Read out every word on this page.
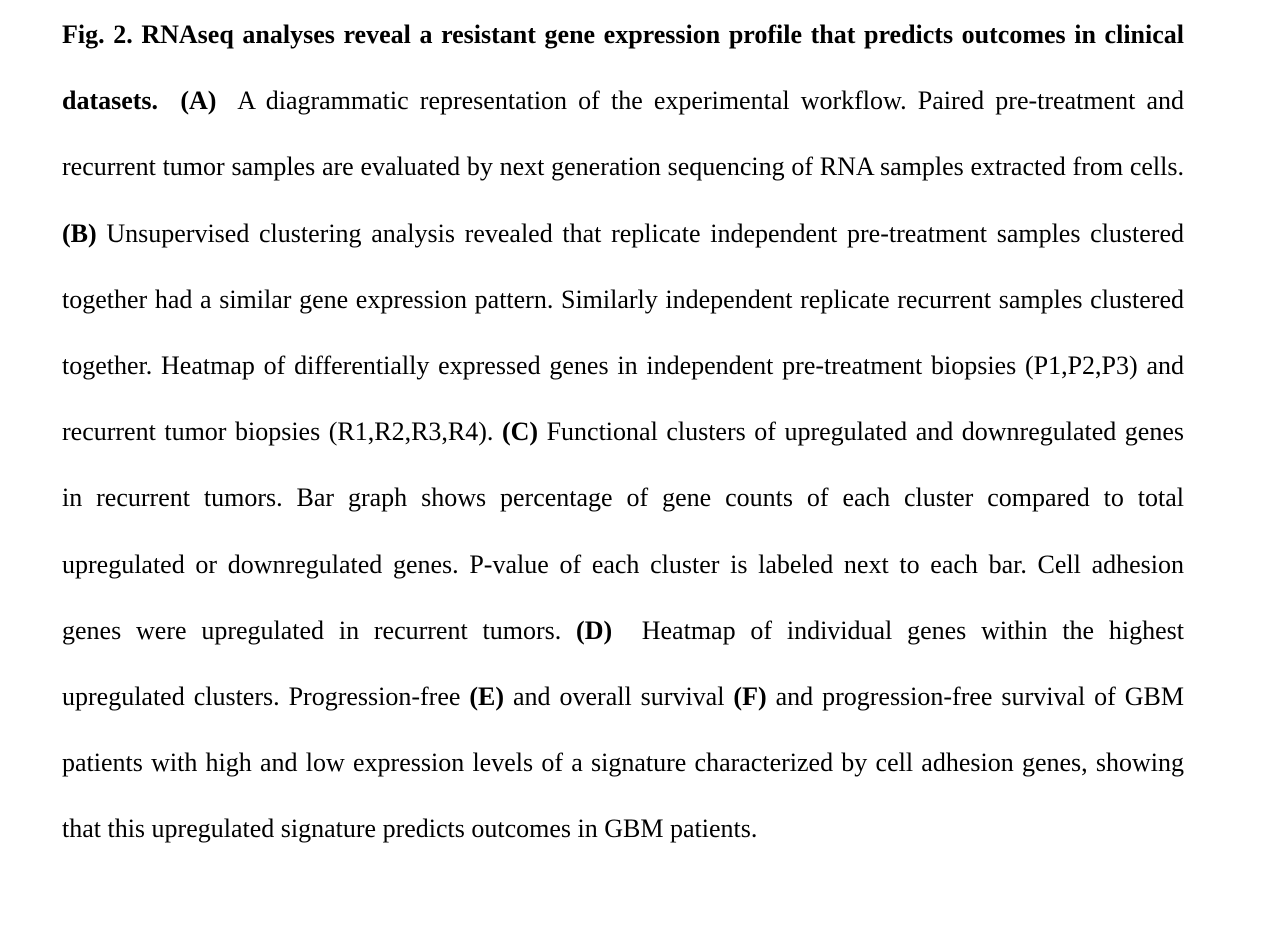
Fig. 2. RNAseq analyses reveal a resistant gene expression profile that predicts outcomes in clinical datasets. (A) A diagrammatic representation of the experimental workflow. Paired pre-treatment and recurrent tumor samples are evaluated by next generation sequencing of RNA samples extracted from cells. (B) Unsupervised clustering analysis revealed that replicate independent pre-treatment samples clustered together had a similar gene expression pattern. Similarly independent replicate recurrent samples clustered together. Heatmap of differentially expressed genes in independent pre-treatment biopsies (P1,P2,P3) and recurrent tumor biopsies (R1,R2,R3,R4). (C) Functional clusters of upregulated and downregulated genes in recurrent tumors. Bar graph shows percentage of gene counts of each cluster compared to total upregulated or downregulated genes. P-value of each cluster is labeled next to each bar. Cell adhesion genes were upregulated in recurrent tumors. (D) Heatmap of individual genes within the highest upregulated clusters. Progression-free (E) and overall survival (F) and progression-free survival of GBM patients with high and low expression levels of a signature characterized by cell adhesion genes, showing that this upregulated signature predicts outcomes in GBM patients.
